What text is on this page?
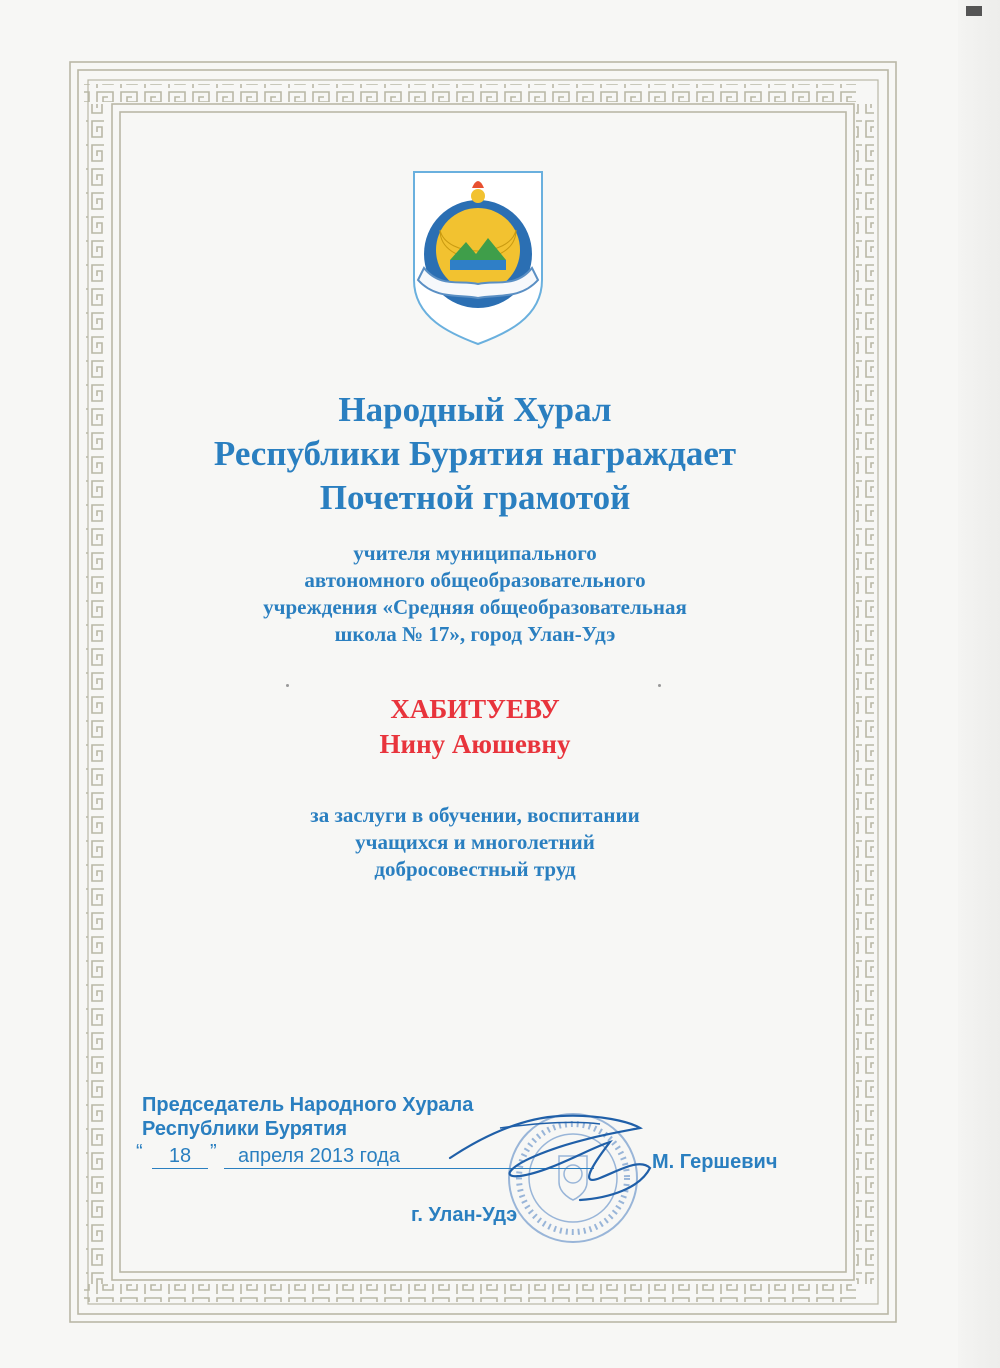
Народный Хурал
Республики Бурятия награждает
Почетной грамотой
учителя муниципального
автономного общеобразовательного
учреждения «Средняя общеобразовательная
школа № 17», город Улан-Удэ
ХАБИТУЕВУ
Нину Аюшевну
за заслуги в обучении, воспитании
учащихся и многолетний
добросовестный труд
Председатель Народного Хурала
Республики Бурятия
“	18 ”	апреля 2013 года	М. Гершевич
г. Улан-Удэ
